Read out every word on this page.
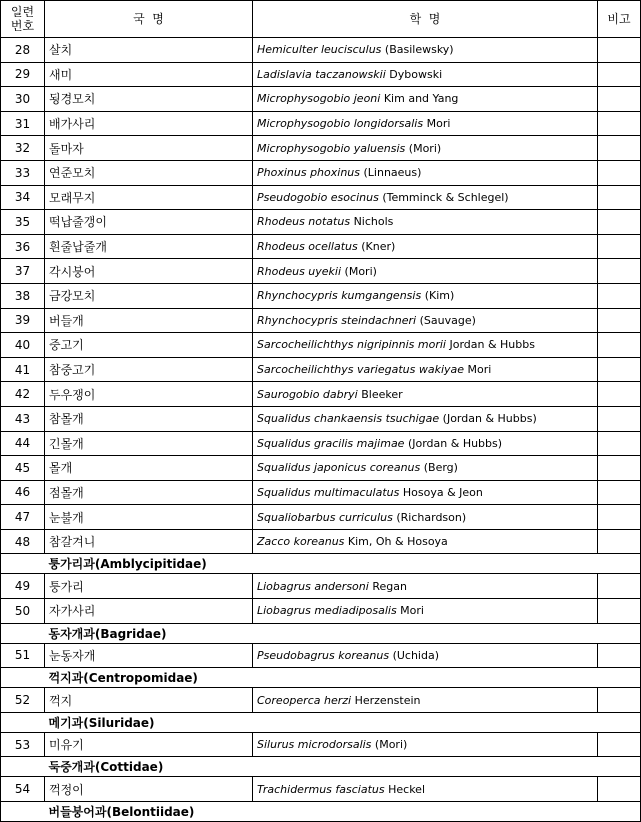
일련
번호	국  명	학  명	비고
28	살치	Hemiculter leucisculus (Basilewsky)	
29	새미	Ladislavia taczanowskii Dybowski	
30	됭경모치	Microphysogobio jeoni Kim and Yang	
31	배가사리	Microphysogobio longidorsalis Mori	
32	돌마자	Microphysogobio yaluensis (Mori)	
33	연준모치	Phoxinus phoxinus (Linnaeus)	
34	모래무지	Pseudogobio esocinus (Temminck & Schlegel)	
35	떡납줄갱이	Rhodeus notatus Nichols	
36	흰줄납줄개	Rhodeus ocellatus (Kner)	
37	각시붕어	Rhodeus uyekii (Mori)	
38	금강모치	Rhynchocypris kumgangensis (Kim)	
39	버들개	Rhynchocypris steindachneri (Sauvage)	
40	중고기	Sarcocheilichthys nigripinnis morii Jordan & Hubbs	
41	참중고기	Sarcocheilichthys variegatus wakiyae Mori	
42	두우쟁이	Saurogobio dabryi Bleeker	
43	참몰개	Squalidus chankaensis tsuchigae (Jordan & Hubbs)	
44	긴몰개	Squalidus gracilis majimae (Jordan & Hubbs)	
45	몰개	Squalidus japonicus coreanus (Berg)	
46	점몰개	Squalidus multimaculatus Hosoya & Jeon	
47	눈불개	Squaliobarbus curriculus (Richardson)	
48	참갈겨니	Zacco koreanus Kim, Oh & Hosoya	
	퉁가리과(Amblycipitidae)		
49	퉁가리	Liobagrus andersoni Regan	
50	자가사리	Liobagrus mediadiposalis Mori	
	동자개과(Bagridae)		
51	눈동자개	Pseudobagrus koreanus (Uchida)	
	꺽지과(Centropomidae)		
52	꺽지	Coreoperca herzi Herzenstein	
	메기과(Siluridae)		
53	미유기	Silurus microdorsalis (Mori)	
	둑중개과(Cottidae)		
54	꺽정이	Trachidermus fasciatus Heckel	
	버들붕어과(Belontiidae)		
